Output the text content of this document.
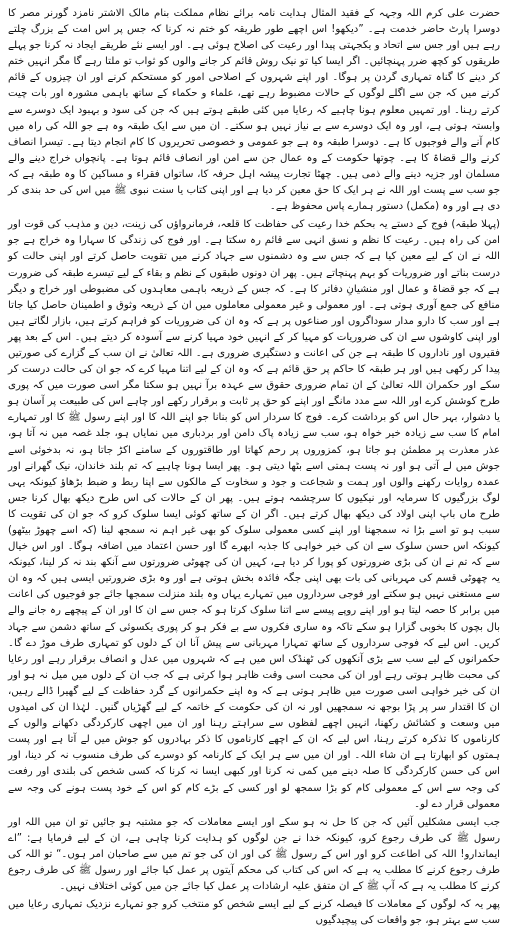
حضرت علی کرم اللہ وجہہ کے فقید المثال ہدایت نامہ برائے نظام مملکت بنام مالک الاشتر نامزد گورنر مصر کا دوسرا پارٹ حاضر خدمت ہے۔ ”دیکھو! اس اچھے طور طریقہ کو ختم نہ کرنا کہ جس پر اس امت کے بزرگ چلتے رہے ہیں اور جس سے اتحاد و یکجہتی پیدا اور رعیت کی اصلاح ہوئی ہے۔ اور ایسے نئے طریقے ایجاد نہ کرنا جو پہلے طریقوں کو کچھ ضرر پہنچائیں۔ اگر ایسا کیا تو نیک روش قائم کر جانے والوں کو ثواب تو ملتا رہے گا مگر انہیں ختم کر دینے کا گناہ تمہاری گردن پر ہوگا۔ اور اپنے شہروں کے اصلاحی امور کو مستحکم کرنے اور ان چیزوں کے قائم کرنے میں کہ جن سے اگلے لوگوں کے حالات مضبوط رہے تھے، علماء و حکماء کے ساتھ باہمی مشورہ اور بات چیت کرتے رہنا۔ اور تمہیں معلوم ہونا چاہیے کہ رعایا میں کئی طبقے ہوتے ہیں کہ جن کی سود و بہبود ایک دوسرے سے وابستہ ہوتی ہے، اور وہ ایک دوسرے سے بے نیاز نہیں ہو سکتے۔ ان میں سے ایک طبقہ وہ ہے جو اللہ کی راہ میں کام آنے والے فوجیوں کا ہے۔ دوسرا طبقہ وہ ہے جو عمومی و خصوصی تحریروں کا کام انجام دیتا ہے۔ تیسرا انصاف کرنے والے قضاۃ کا ہے۔ چوتھا حکومت کے وہ عمال جن سے امن اور انصاف قائم ہوتا ہے۔ پانچواں خراج دینے والے مسلمان اور جزیہ دینے والے ذمی ہیں۔ چھٹا تجارت پیشہ اہل حرفہ کا، ساتواں فقراء و مساکین کا وہ طبقہ ہے کہ جو سب سے پست اور اللہ نے ہر ایک کا حق معین کر دیا ہے اور اپنی کتاب یا سنت نبوی ﷺ میں اس کی حد بندی کر دی ہے اور وہ (مکمل) دستور ہمارے پاس محفوظ ہے۔

(پہلا طبقہ) فوج کے دستے یہ بحکم خدا رعیت کی حفاظت کا قلعہ، فرمانرواؤں کی زینت، دین و مذہب کی قوت اور امن کی راہ ہیں۔ رعیت کا نظم و نسق انہی سے قائم رہ سکتا ہے۔ اور فوج کی زندگی کا سہارا وہ خراج ہے جو اللہ نے ان کے لیے معین کیا ہے کہ جس سے وہ دشمنوں سے جہاد کرنے میں تقویت حاصل کرتے اور اپنی حالت کو درست بناتے اور ضروریات کو بہم پہنچاتے ہیں۔ پھر ان دونوں طبقوں کے نظم و بقاء کے لیے تیسرے طبقہ کی ضرورت ہے کہ جو قضاۃ و عمال اور منشیانِ دفاتر کا ہے۔ کہ جس کے ذریعہ باہمی معاہدوں کی مضبوطی اور خراج و دیگر منافع کی جمع آوری ہوتی ہے۔ اور معمولی و غیر معمولی معاملوں میں ان کے ذریعہ وثوق و اطمینان حاصل کیا جاتا ہے اور سب کا دارو مدار سوداگروں اور صناعوں پر ہے کہ وہ ان کی ضروریات کو فراہم کرتے ہیں، بازار لگاتے ہیں اور اپنی کاوشوں سے ان کی ضروریات کو مہیا کر کے انہیں خود مہیا کرنے سے آسودہ کر دیتے ہیں۔ اس کے بعد پھر فقیروں اور ناداروں کا طبقہ ہے جن کی اعانت و دستگیری ضروری ہے۔ اللہ تعالیٰ نے ان سب کے گزارے کی صورتیں پیدا کر رکھی ہیں اور ہر طبقہ کا حاکم پر حق قائم ہے کہ وہ ان کے لیے اتنا مہیا کرے کہ جو ان کی حالت درست کر سکے اور حکمران اللہ تعالیٰ کے ان تمام ضروری حقوق سے عہدہ برآ نہیں ہو سکتا مگر اسی صورت میں کہ پوری طرح کوشش کرے اور اللہ سے مدد مانگے اور اپنے کو حق پر ثابت و برقرار رکھے اور چاہے اس کی طبیعت پر آسان ہو یا دشوار، بہر حال اس کو برداشت کرے۔ فوج کا سردار اس کو بنانا جو اپنے اللہ کا اور اپنے رسول ﷺ کا اور تمہارے امام کا سب سے زیادہ خیر خواہ ہو، سب سے زیادہ پاک دامن اور بردباری میں نمایاں ہو، جلد غصہ میں نہ آتا ہو، عذر معذرت پر مطمئن ہو جاتا ہو، کمزوروں پر رحم کھاتا اور طاقتوروں کے سامنے اکڑ جاتا ہو، نہ بدخوئی اسے جوش میں لے آتی ہو اور نہ پست ہمتی اسے بٹھا دیتی ہو۔ پھر ایسا ہونا چاہیے کہ تم بلند خاندان، نیک گھرانے اور عمدہ روایات رکھنے والوں اور ہمت و شجاعت و جود و سخاوت کے مالکوں سے اپنا ربط و ضبط بڑھاؤ کیونکہ یہی لوگ بزرگیوں کا سرمایہ اور نیکیوں کا سرچشمہ ہوتے ہیں۔ پھر ان کے حالات کی اس طرح دیکھ بھال کرنا جس طرح ماں باپ اپنی اولاد کی دیکھ بھال کرتے ہیں۔ اگر ان کے ساتھ کوئی ایسا سلوک کرو کہ جو ان کی تقویت کا سبب ہو تو اسے بڑا نہ سمجھنا اور اپنے کسی معمولی سلوک کو بھی غیر اہم نہ سمجھ لینا (کہ اسے چھوڑ بیٹھو) کیونکہ اس حسن سلوک سے ان کی خیر خواہی کا جذبہ ابھرے گا اور حسن اعتماد میں اضافہ ہوگا۔ اور اس خیال سے کہ تم نے ان کی بڑی ضرورتوں کو پورا کر دیا ہے، کہیں ان کی چھوٹی ضرورتوں سے آنکھ بند نہ کر لینا، کیونکہ یہ چھوٹی قسم کی مہربانی کی بات بھی اپنی جگہ فائدہ بخش ہوتی ہے اور وہ بڑی ضرورتیں ایسی ہیں کہ وہ ان سے مستغنی نہیں ہو سکتے اور فوجی سرداروں میں تمہارے یہاں وہ بلند منزلت سمجھا جائے جو فوجیوں کی اعانت میں برابر کا حصہ لیتا ہو اور اپنے روپے پیسے سے اتنا سلوک کرتا ہو کہ جس سے ان کا اور ان کے پیچھے رہ جانے والے بال بچوں کا بخوبی گزارا ہو سکے تاکہ وہ ساری فکروں سے بے فکر ہو کر پوری یکسوئی کے ساتھ دشمن سے جہاد کریں۔ اس لیے کہ فوجی سرداروں کے ساتھ تمہارا مہربانی سے پیش آنا ان کے دلوں کو تمہاری طرف موڑ دے گا۔ حکمرانوں کے لیے سب سے بڑی آنکھوں کی ٹھنڈک اس میں ہے کہ شہروں میں عدل و انصاف برقرار رہے اور رعایا کی محبت ظاہر ہوتی رہے اور ان کی محبت اسی وقت ظاہر ہوا کرتی ہے کہ جب ان کے دلوں میں میل نہ ہو اور ان کی خیر خواہی اسی صورت میں ظاہر ہوتی ہے کہ وہ اپنے حکمرانوں کے گرد حفاظت کے لیے گھیرا ڈالے رہیں، ان کا اقتدار سر پر پڑا بوجھ نہ سمجھیں اور نہ ان کی حکومت کے خاتمہ کے لیے گھڑیاں گنیں۔ لہٰذا ان کی امیدوں میں وسعت و کشائش رکھنا، انہیں اچھے لفظوں سے سراہتے رہنا اور ان میں اچھی کارکردگی دکھانے والوں کے کارناموں کا تذکرہ کرتے رہنا، اس لیے کہ ان کے اچھے کارناموں کا ذکر بہادروں کو جوش میں لے آتا ہے اور پست ہمتوں کو ابھارتا ہے ان شاء اللہ۔ اور ان میں سے ہر ایک کے کارنامہ کو دوسرے کی طرف منسوب نہ کر دینا، اور اس کی حسن کارکردگی کا صلہ دینے میں کمی نہ کرنا اور کبھی ایسا نہ کرنا کہ کسی شخص کی بلندی اور رفعت کی وجہ سے اس کے معمولی کام کو بڑا سمجھ لو اور کسی کے بڑے کام کو اس کے خود پست ہونے کی وجہ سے معمولی قرار دے لو۔

جب ایسی مشکلیں آئیں کہ جن کا حل نہ ہو سکے اور ایسے معاملات کہ جو مشتبہ ہو جائیں تو ان میں اللہ اور رسول ﷺ کی طرف رجوع کرو، کیونکہ خدا نے جن لوگوں کو ہدایت کرنا چاہی ہے، ان کے لیے فرمایا ہے: ”اے ایماندارو! اللہ کی اطاعت کرو اور اس کے رسول ﷺ کی اور ان کی جو تم میں سے صاحبان امر ہوں۔“ تو اللہ کی طرف رجوع کرنے کا مطلب یہ ہے کہ اس کی کتاب کی محکم آیتوں پر عمل کیا جائے اور رسول ﷺ کی طرف رجوع کرنے کا مطلب یہ ہے کہ آپ ﷺ کے ان متفق علیہ ارشادات پر عمل کیا جائے جن میں کوئی اختلاف نہیں۔

پھر یہ کہ لوگوں کے معاملات کا فیصلہ کرنے کے لیے ایسے شخص کو منتخب کرو جو تمہارے نزدیک تمہاری رعایا میں سب سے بہتر ہو، جو واقعات کی پیچیدگیوں
